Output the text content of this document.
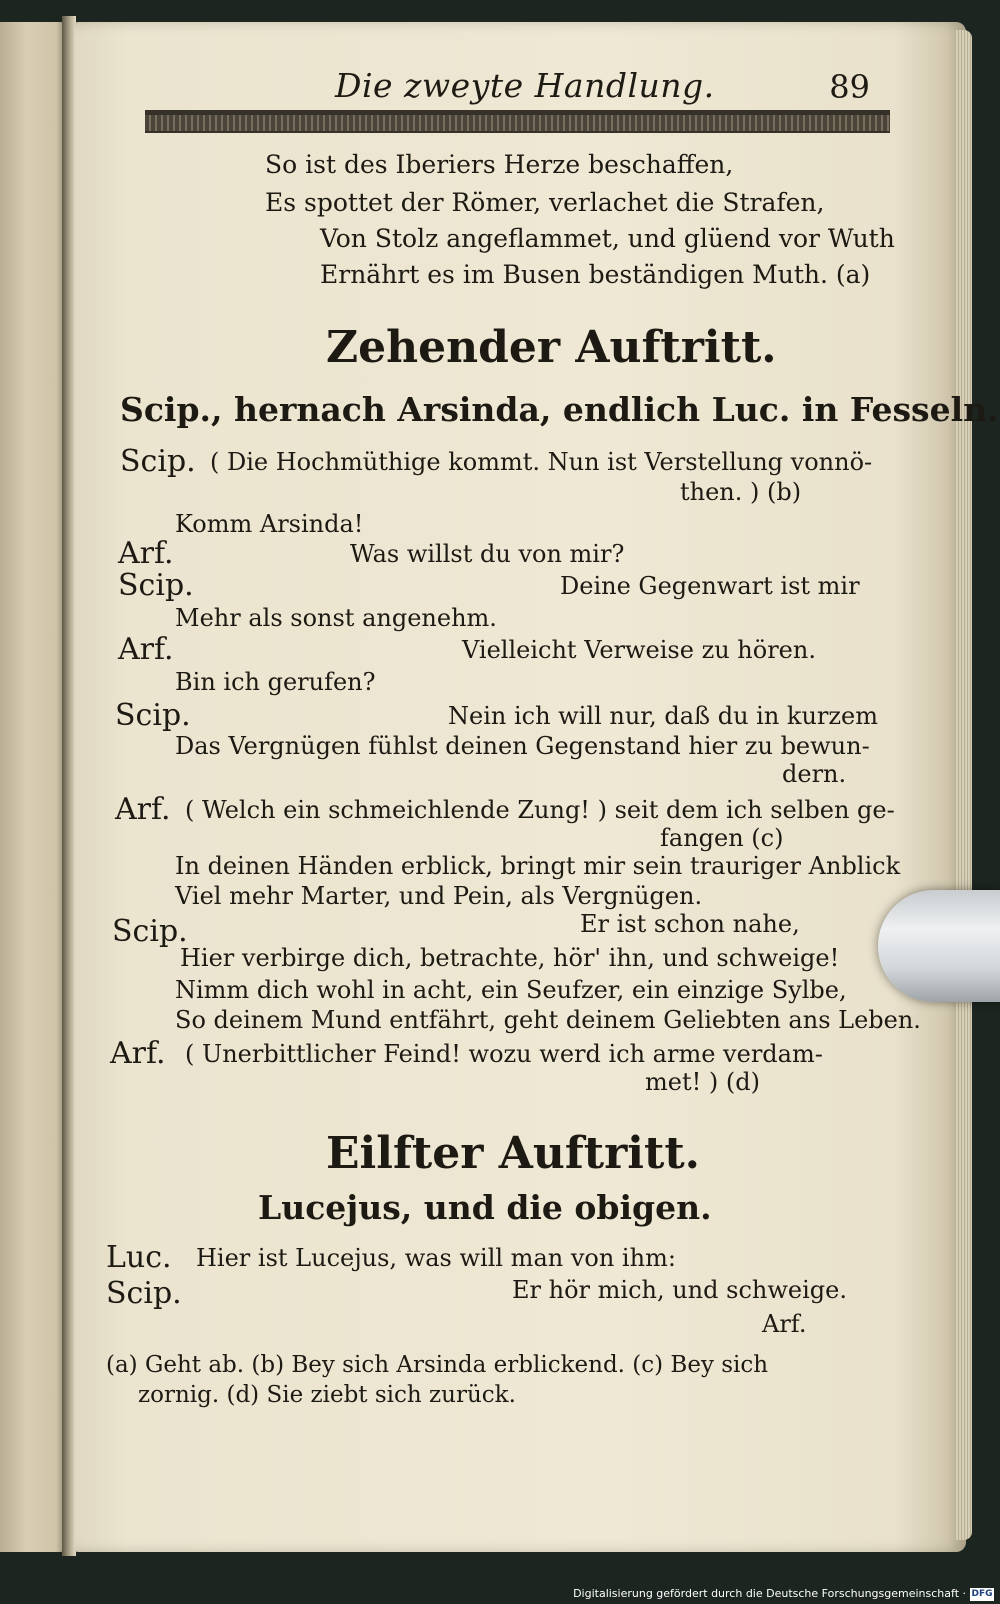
Die zweyte Handlung.	89
So ist des Iberiers Herze beschaffen,
Es spottet der Römer, verlachet die Strafen,
Von Stolz angeflammet, und glüend vor Wuth
Ernährt es im Busen beständigen Muth. (a)
Zehender Auftritt.
Scip., hernach Arsinda, endlich Luc. in Fesseln.
Scip. ( Die Hochmüthige kommt. Nun ist Verstellung vonnö-
then. ) (b)
Komm Arsinda!
Arf.	Was willst du von mir?
Scip.	Deine Gegenwart ist mir
Mehr als sonst angenehm.
Arf.	Vielleicht Verweise zu hören.
Bin ich gerufen?
Scip.	Nein ich will nur, daß du in kurzem
Das Vergnügen fühlst deinen Gegenstand hier zu bewun-
dern.
Arf. ( Welch ein schmeichlende Zung! ) seit dem ich selben ge-
fangen (c)
In deinen Händen erblick, bringt mir sein trauriger Anblick
Viel mehr Marter, und Pein, als Vergnügen.
Scip.	Er ist schon nahe,
Hier verbirge dich, betrachte, hör' ihn, und schweige!
Nimm dich wohl in acht, ein Seufzer, ein einzige Sylbe,
So deinem Mund entfährt, geht deinem Geliebten ans Leben.
Arf. ( Unerbittlicher Feind! wozu werd ich arme verdam-
met! ) (d)
Eilfter Auftritt.
Lucejus, und die obigen.
Luc. Hier ist Lucejus, was will man von ihm:
Scip.	Er hör mich, und schweige.
Arf.
(a) Geht ab. (b) Bey sich Arsinda erblickend. (c) Bey sich
zornig. (d) Sie ziebt sich zurück.
Digitalisierung gefördert durch die Deutsche Forschungsgemeinschaft · DFG
